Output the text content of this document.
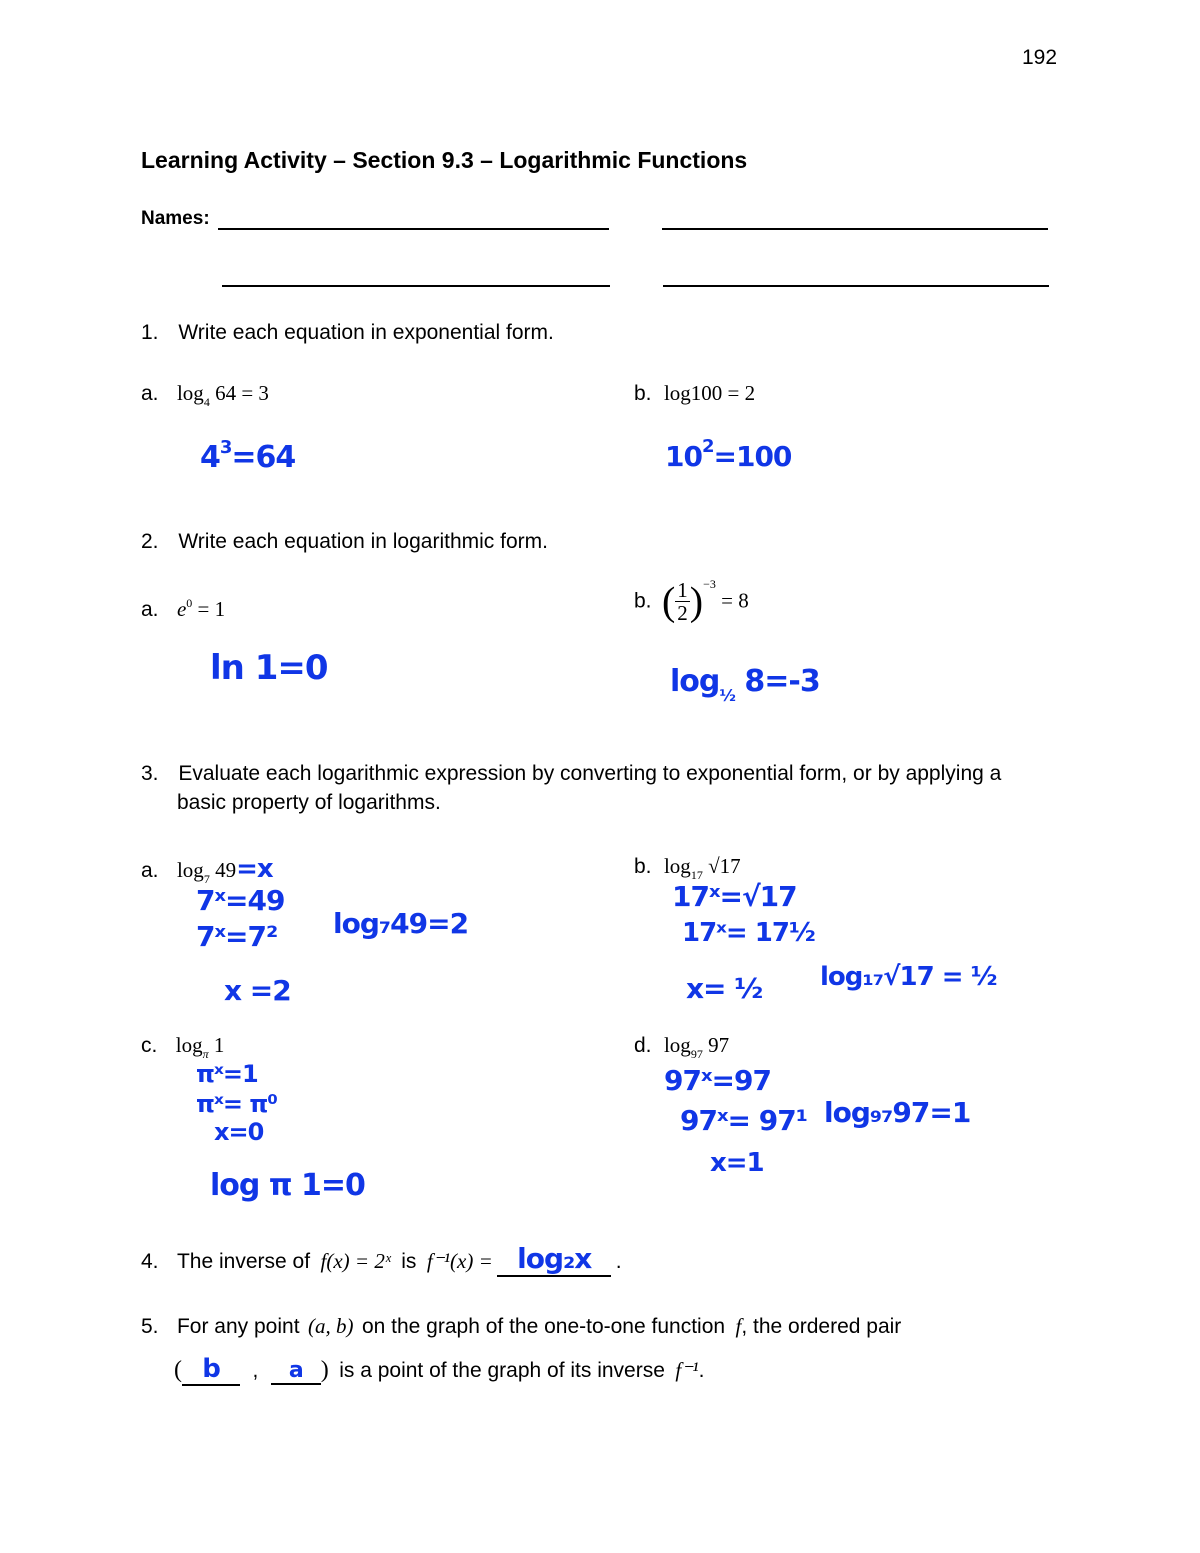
192
Learning Activity – Section 9.3 – Logarithmic Functions
Names:
1. Write each equation in exponential form.
a. $\log_4 64 = 3$	b. log100 = 2
$4^3=64$	$10^2=100$
2. Write each equation in logarithmic form.
a. $e^0 = 1$	b. ( $\frac{1}{2} )^{-3} = 8$
ln 1=0	$\log_{\frac{1}{2}} 8=-3$
3. Evaluate each logarithmic expression by converting to exponential form, or by applying a
basic property of logarithms.
a. $\log_7 49=x$
7ˣ=49
7ˣ=7²
x =2
log₇49=2
b. $\log_{17} √17$
17ˣ=√17
17ˣ= 17½
x= ½ log₁₇√17 = ½
c. $\log_\pi 1$
πˣ=1
πˣ= π⁰
x=0
log π 1=0
d. $\log_{97} 97$
97ˣ=97
97ˣ= 97¹
x=1
log₉₇97=1
4. The inverse of f(x) = 2ˣ is f⁻¹(x) = log₂x .
5. For any point (a, b) on the graph of the one-to-one function f, the ordered pair
( b , a ) is a point of the graph of its inverse f⁻¹.
